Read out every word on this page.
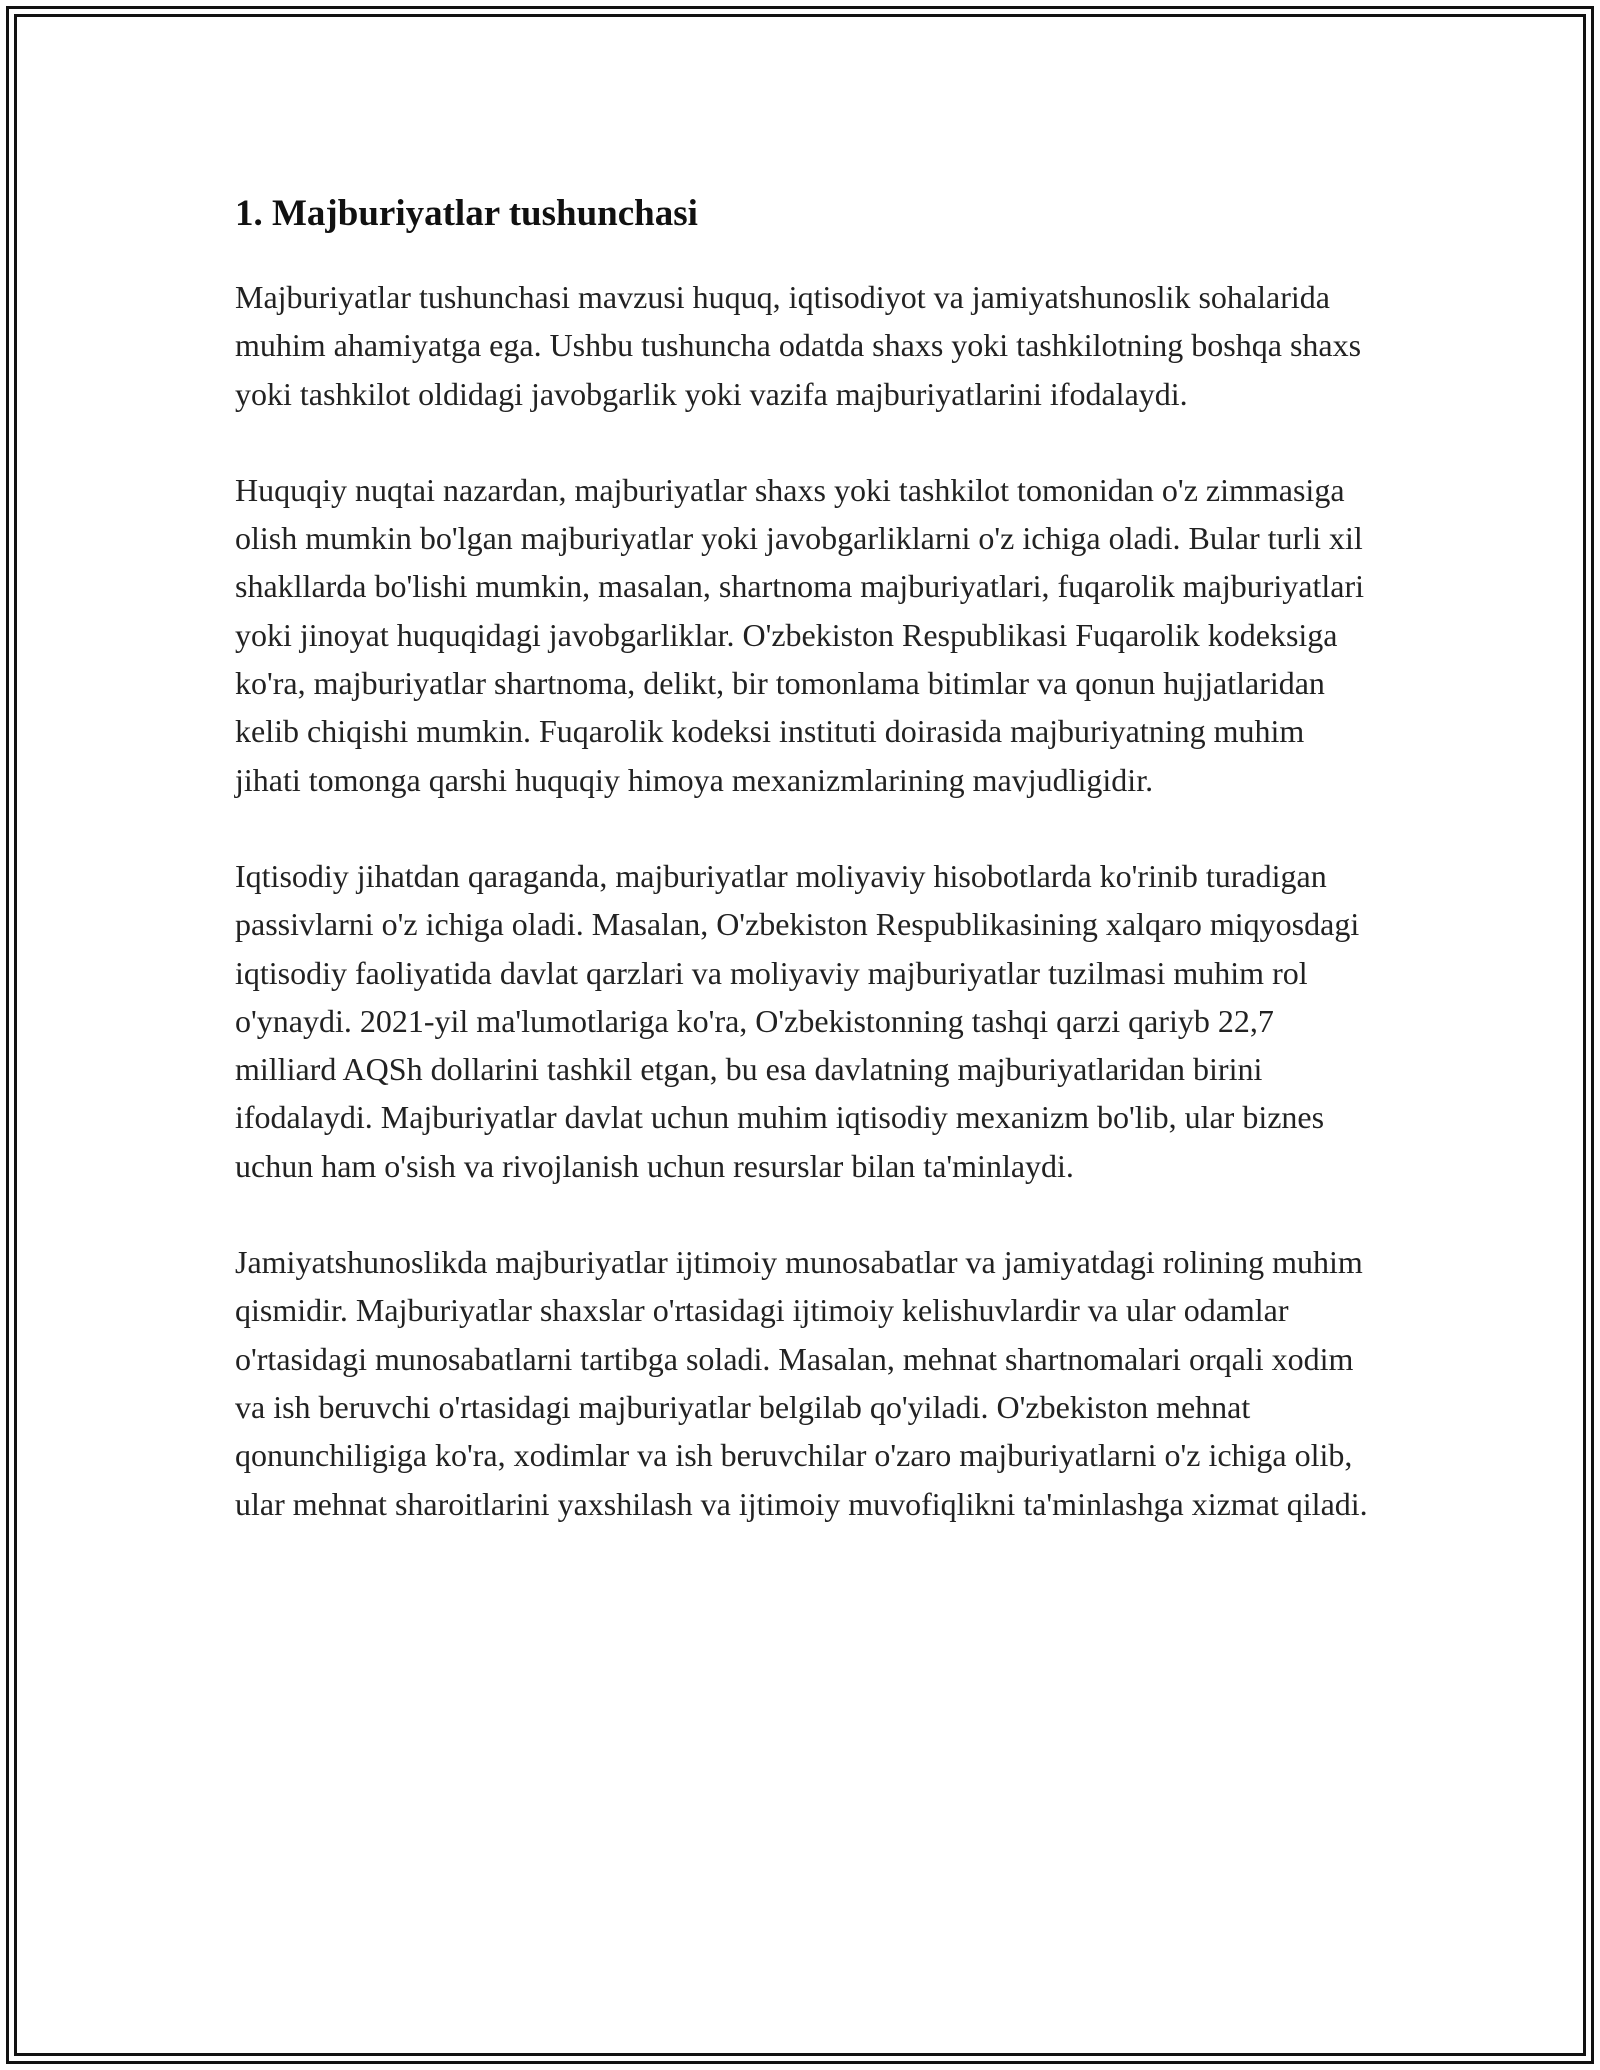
1. Majburiyatlar tushunchasi

Majburiyatlar tushunchasi mavzusi huquq, iqtisodiyot va jamiyatshunoslik sohalarida muhim ahamiyatga ega. Ushbu tushuncha odatda shaxs yoki tashkilotning boshqa shaxs yoki tashkilot oldidagi javobgarlik yoki vazifa majburiyatlarini ifodalaydi.

Huquqiy nuqtai nazardan, majburiyatlar shaxs yoki tashkilot tomonidan o'z zimmasiga olish mumkin bo'lgan majburiyatlar yoki javobgarliklarni o'z ichiga oladi. Bular turli xil shakllarda bo'lishi mumkin, masalan, shartnoma majburiyatlari, fuqarolik majburiyatlari yoki jinoyat huquqidagi javobgarliklar. O'zbekiston Respublikasi Fuqarolik kodeksiga ko'ra, majburiyatlar shartnoma, delikt, bir tomonlama bitimlar va qonun hujjatlaridan kelib chiqishi mumkin. Fuqarolik kodeksi instituti doirasida majburiyatning muhim jihati tomonga qarshi huquqiy himoya mexanizmlarining mavjudligidir.

Iqtisodiy jihatdan qaraganda, majburiyatlar moliyaviy hisobotlarda ko'rinib turadigan passivlarni o'z ichiga oladi. Masalan, O'zbekiston Respublikasining xalqaro miqyosdagi iqtisodiy faoliyatida davlat qarzlari va moliyaviy majburiyatlar tuzilmasi muhim rol o'ynaydi. 2021-yil ma'lumotlariga ko'ra, O'zbekistonning tashqi qarzi qariyb 22,7 milliard AQSh dollarini tashkil etgan, bu esa davlatning majburiyatlaridan birini ifodalaydi. Majburiyatlar davlat uchun muhim iqtisodiy mexanizm bo'lib, ular biznes uchun ham o'sish va rivojlanish uchun resurslar bilan ta'minlaydi.

Jamiyatshunoslikda majburiyatlar ijtimoiy munosabatlar va jamiyatdagi rolining muhim qismidir. Majburiyatlar shaxslar o'rtasidagi ijtimoiy kelishuvlardir va ular odamlar o'rtasidagi munosabatlarni tartibga soladi. Masalan, mehnat shartnomalari orqali xodim va ish beruvchi o'rtasidagi majburiyatlar belgilab qo'yiladi. O'zbekiston mehnat qonunchiligiga ko'ra, xodimlar va ish beruvchilar o'zaro majburiyatlarni o'z ichiga olib, ular mehnat sharoitlarini yaxshilash va ijtimoiy muvofiqlikni ta'minlashga xizmat qiladi.
